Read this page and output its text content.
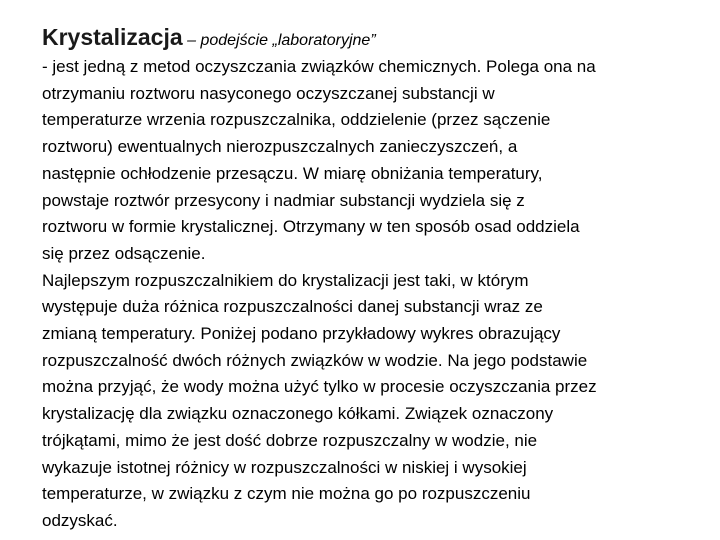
Krystalizacja – podejście „laboratoryjne”

- jest jedną z metod oczyszczania związków chemicznych. Polega ona na
otrzymaniu roztworu nasyconego oczyszczanej substancji w
temperaturze wrzenia rozpuszczalnika, oddzielenie (przez sączenie
roztworu) ewentualnych nierozpuszczalnych zanieczyszczeń, a
następnie ochłodzenie przesączu. W miarę obniżania temperatury,
powstaje roztwór przesycony i nadmiar substancji wydziela się z
roztworu w formie krystalicznej. Otrzymany w ten sposób osad oddziela
się przez odsączenie.

Najlepszym rozpuszczalnikiem do krystalizacji jest taki, w którym
występuje duża różnica rozpuszczalności danej substancji wraz ze
zmianą temperatury. Poniżej podano przykładowy wykres obrazujący
rozpuszczalność dwóch różnych związków w wodzie. Na jego podstawie
można przyjąć, że wody można użyć tylko w procesie oczyszczania przez
krystalizację dla związku oznaczonego kółkami. Związek oznaczony
trójkątami, mimo że jest dość dobrze rozpuszczalny w wodzie, nie
wykazuje istotnej różnicy w rozpuszczalności w niskiej i wysokiej
temperaturze, w związku z czym nie można go po rozpuszczeniu
odzyskać.
